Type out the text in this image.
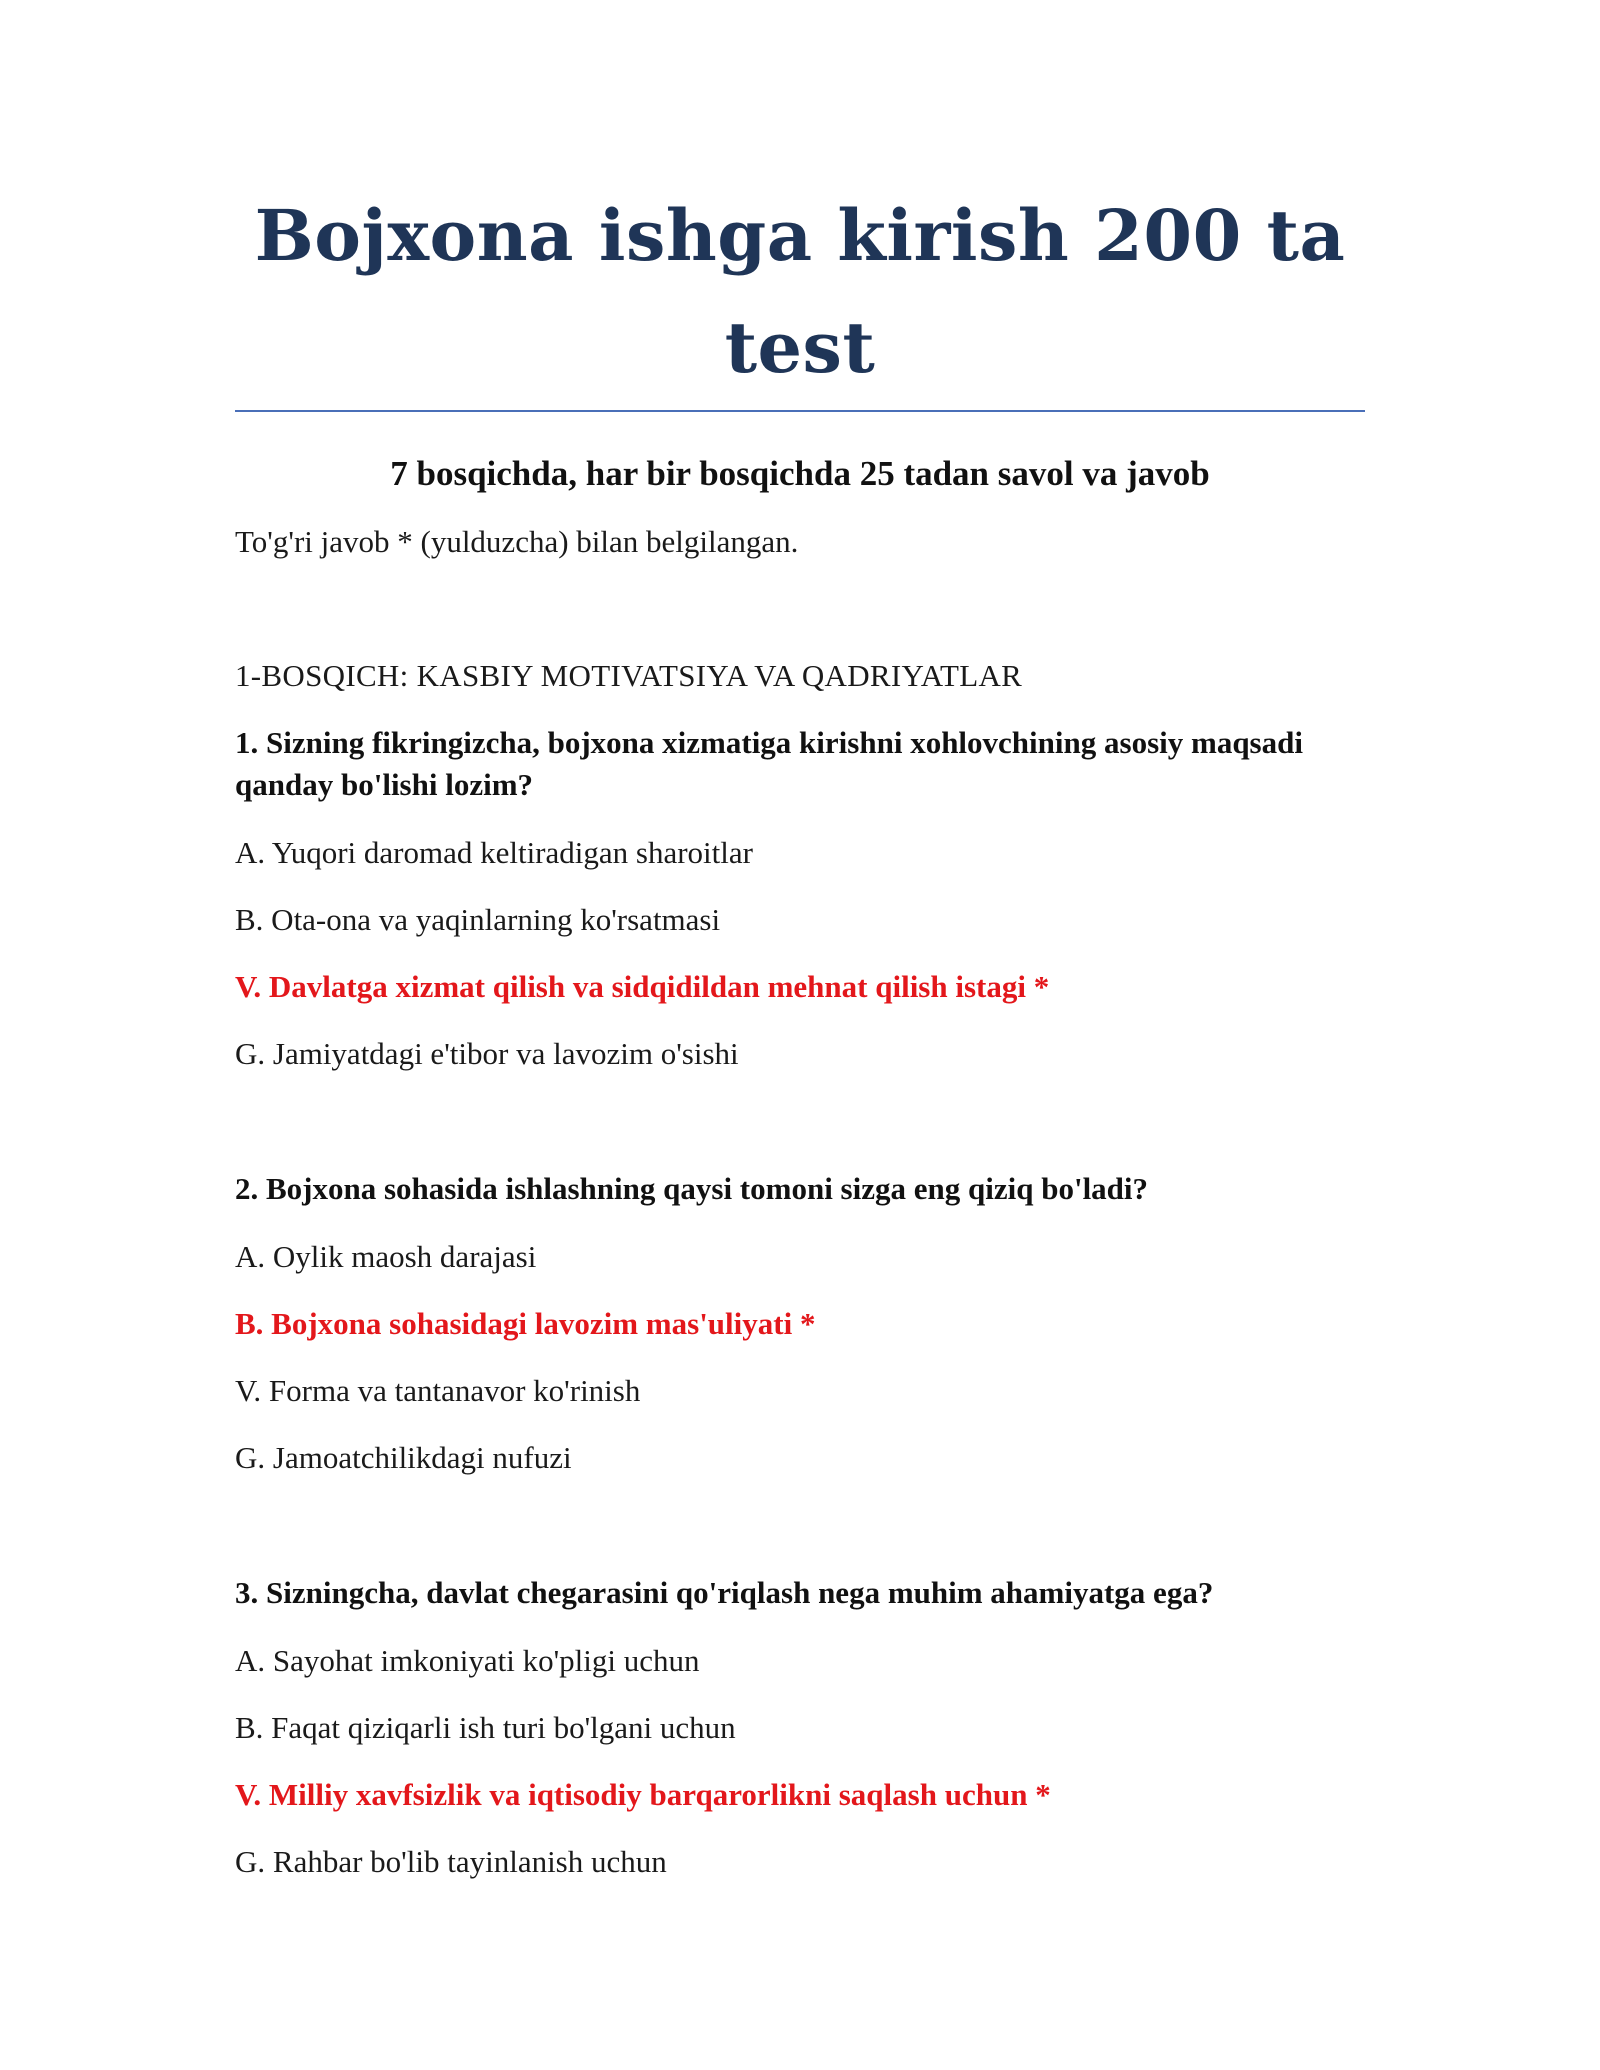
Bojxona ishga kirish 200 ta test

7 bosqichda, har bir bosqichda 25 tadan savol va javob

To'g'ri javob * (yulduzcha) bilan belgilangan.

1-BOSQICH: KASBIY MOTIVATSIYA VA QADRIYATLAR

1. Sizning fikringizcha, bojxona xizmatiga kirishni xohlovchining asosiy maqsadi qanday bo'lishi lozim?

A. Yuqori daromad keltiradigan sharoitlar
B. Ota-ona va yaqinlarning ko'rsatmasi
V. Davlatga xizmat qilish va sidqidildan mehnat qilish istagi *
G. Jamiyatdagi e'tibor va lavozim o'sishi

2. Bojxona sohasida ishlashning qaysi tomoni sizga eng qiziq bo'ladi?

A. Oylik maosh darajasi
B. Bojxona sohasidagi lavozim mas'uliyati *
V. Forma va tantanavor ko'rinish
G. Jamoatchilikdagi nufuzi

3. Sizningcha, davlat chegarasini qo'riqlash nega muhim ahamiyatga ega?

A. Sayohat imkoniyati ko'pligi uchun
B. Faqat qiziqarli ish turi bo'lgani uchun
V. Milliy xavfsizlik va iqtisodiy barqarorlikni saqlash uchun *
G. Rahbar bo'lib tayinlanish uchun
